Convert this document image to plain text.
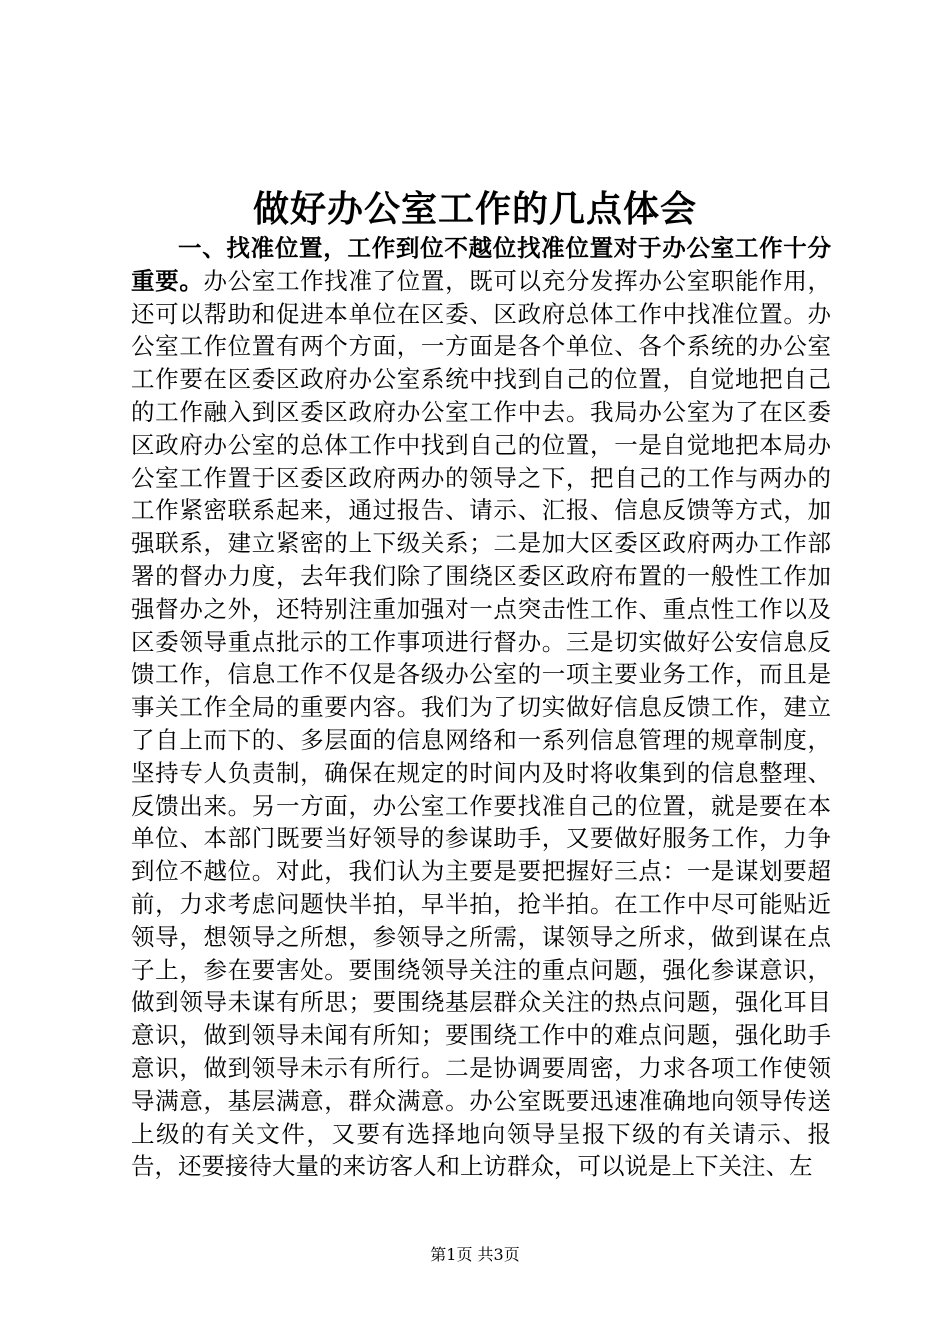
做好办公室工作的几点体会

一、找准位置，工作到位不越位找准位置对于办公室工作十分重要。办公室工作找准了位置，既可以充分发挥办公室职能作用，还可以帮助和促进本单位在区委、区政府总体工作中找准位置。办公室工作位置有两个方面，一方面是各个单位、各个系统的办公室工作要在区委区政府办公室系统中找到自己的位置，自觉地把自己的工作融入到区委区政府办公室工作中去。我局办公室为了在区委区政府办公室的总体工作中找到自己的位置，一是自觉地把本局办公室工作置于区委区政府两办的领导之下，把自己的工作与两办的工作紧密联系起来，通过报告、请示、汇报、信息反馈等方式，加强联系，建立紧密的上下级关系；二是加大区委区政府两办工作部署的督办力度，去年我们除了围绕区委区政府布置的一般性工作加强督办之外，还特别注重加强对一点突击性工作、重点性工作以及区委领导重点批示的工作事项进行督办。三是切实做好公安信息反馈工作，信息工作不仅是各级办公室的一项主要业务工作，而且是事关工作全局的重要内容。我们为了切实做好信息反馈工作，建立了自上而下的、多层面的信息网络和一系列信息管理的规章制度，坚持专人负责制，确保在规定的时间内及时将收集到的信息整理、反馈出来。另一方面，办公室工作要找准自己的位置，就是要在本单位、本部门既要当好领导的参谋助手，又要做好服务工作，力争到位不越位。对此，我们认为主要是要把握好三点：一是谋划要超前，力求考虑问题快半拍，早半拍，抢半拍。在工作中尽可能贴近领导，想领导之所想，参领导之所需，谋领导之所求，做到谋在点子上，参在要害处。要围绕领导关注的重点问题，强化参谋意识，做到领导未谋有所思；要围绕基层群众关注的热点问题，强化耳目意识，做到领导未闻有所知；要围绕工作中的难点问题，强化助手意识，做到领导未示有所行。二是协调要周密，力求各项工作使领导满意，基层满意，群众满意。办公室既要迅速准确地向领导传送上级的有关文件，又要有选择地向领导呈报下级的有关请示、报告，还要接待大量的来访客人和上访群众，可以说是上下关注、左

第1页 共3页
